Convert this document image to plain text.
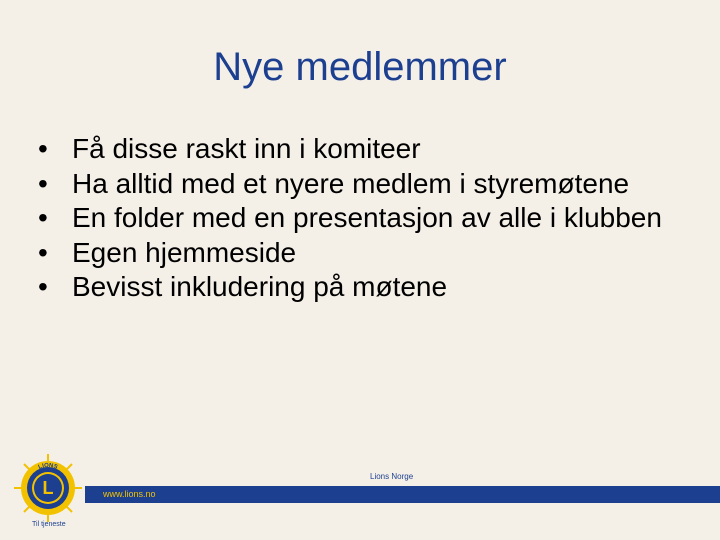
Nye medlemmer
• Få disse raskt inn i komiteer
• Ha alltid med et nyere medlem i styremøtene
• En folder med en presentasjon av alle i klubben
• Egen hjemmeside
• Bevisst inkludering på møtene
Lions Norge
www.lions.no
L
LIONS
Til tjeneste
